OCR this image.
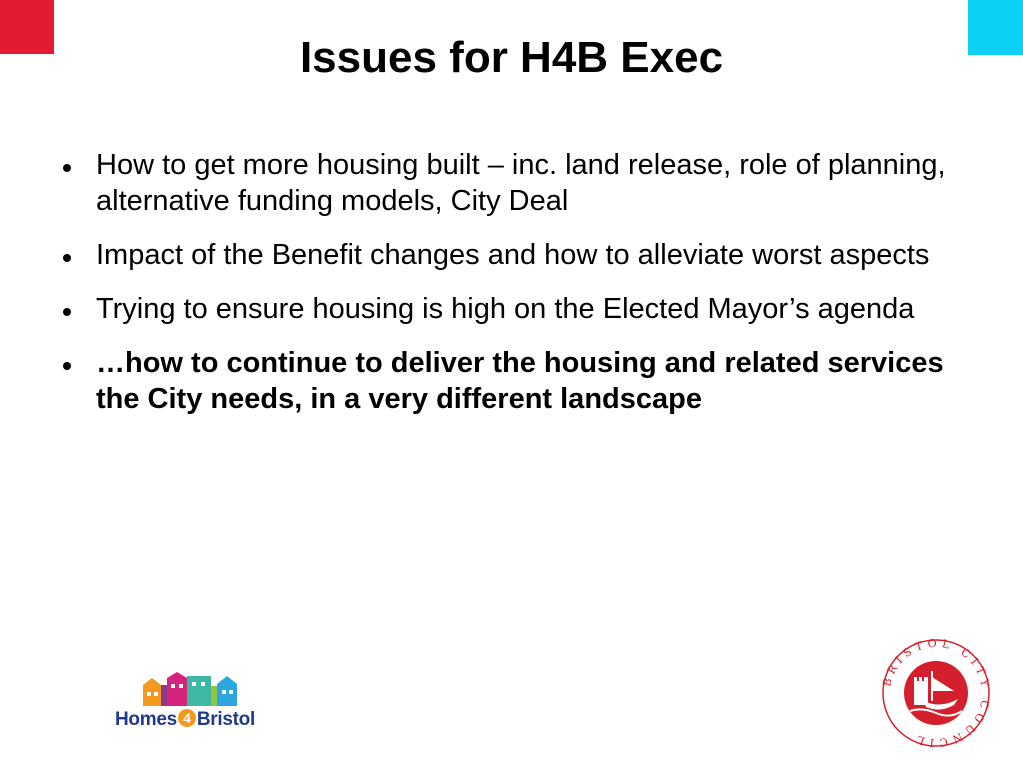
Issues for H4B Exec
How to get more housing built – inc. land release, role of planning, alternative funding models, City Deal
Impact of the Benefit changes and how to alleviate worst aspects
Trying to ensure housing is high on the Elected Mayor’s agenda
…how to continue to deliver the housing and related services the City needs, in a very different landscape
Homes 4 Bristol
BRISTOL CITY COUNCIL
